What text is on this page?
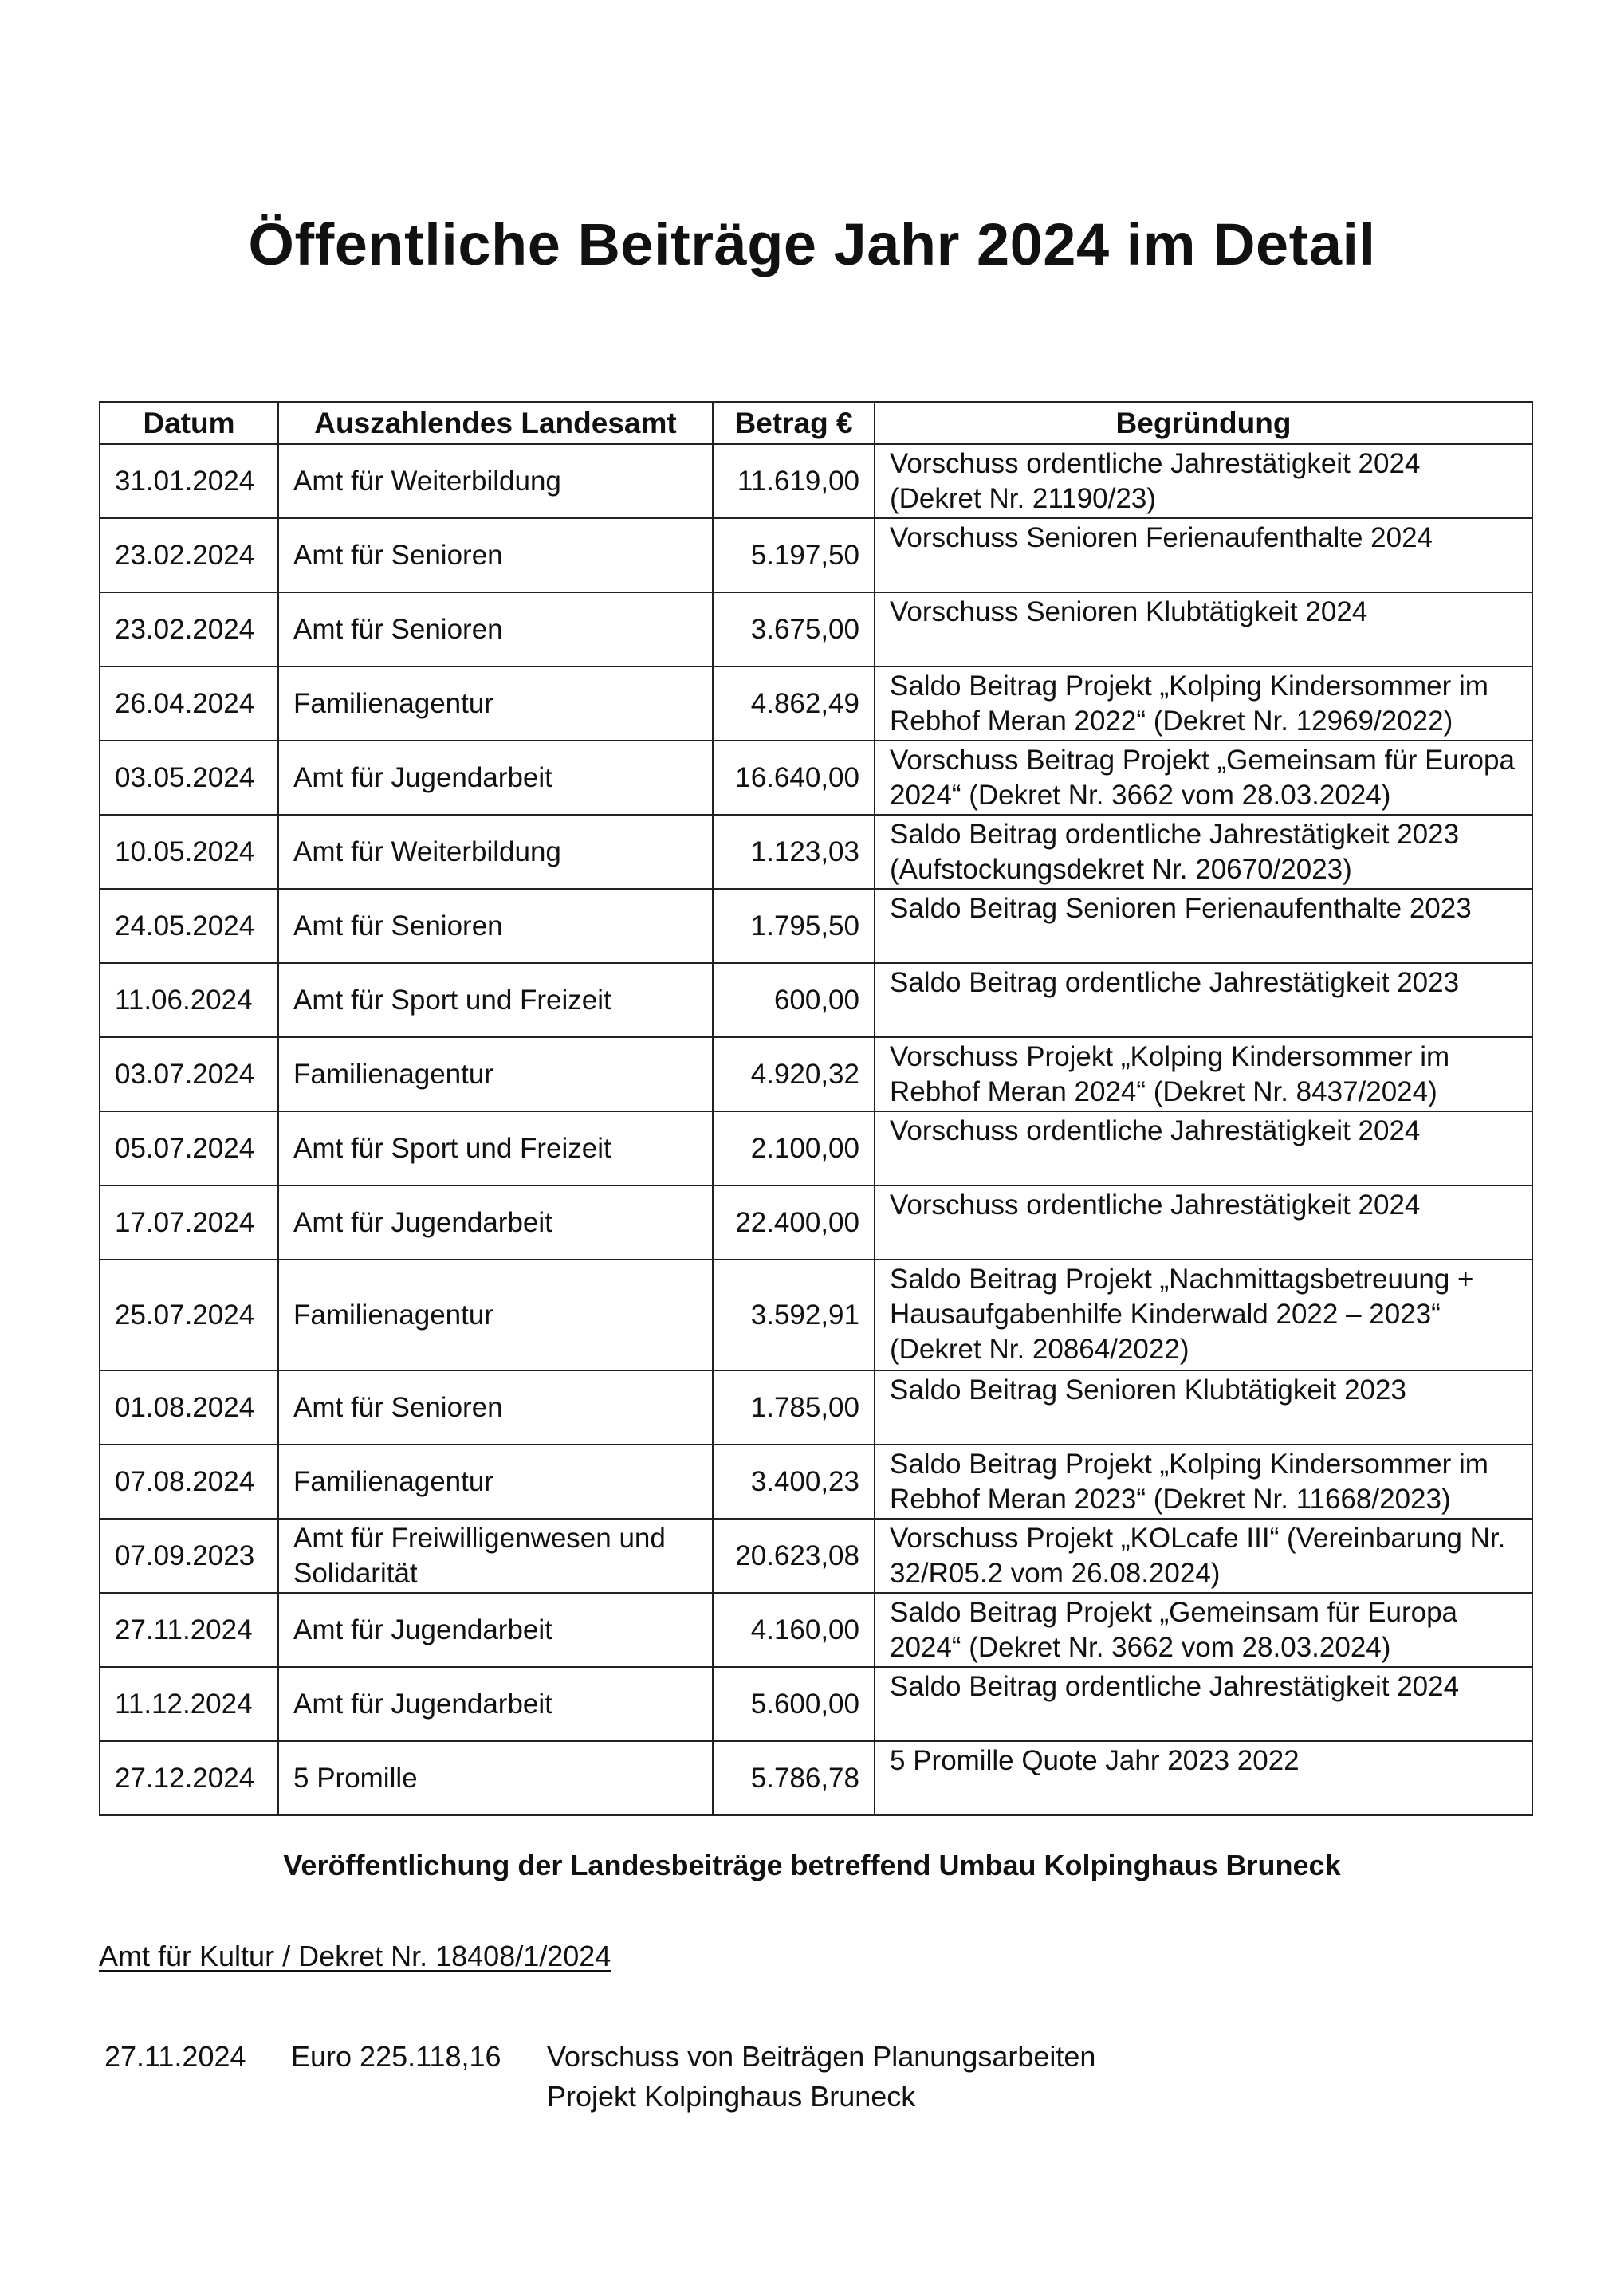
Öffentliche Beiträge Jahr 2024 im Detail
Datum	Auszahlendes Landesamt	Betrag €	Begründung
31.01.2024	Amt für Weiterbildung	11.619,00	Vorschuss ordentliche Jahrestätigkeit 2024 (Dekret Nr. 21190/23)
23.02.2024	Amt für Senioren	5.197,50	Vorschuss Senioren Ferienaufenthalte 2024
23.02.2024	Amt für Senioren	3.675,00	Vorschuss Senioren Klubtätigkeit 2024
26.04.2024	Familienagentur	4.862,49	Saldo Beitrag Projekt „Kolping Kindersommer im Rebhof Meran 2022“ (Dekret Nr. 12969/2022)
03.05.2024	Amt für Jugendarbeit	16.640,00	Vorschuss Beitrag Projekt „Gemeinsam für Europa 2024“ (Dekret Nr. 3662 vom 28.03.2024)
10.05.2024	Amt für Weiterbildung	1.123,03	Saldo Beitrag ordentliche Jahrestätigkeit 2023 (Aufstockungsdekret Nr. 20670/2023)
24.05.2024	Amt für Senioren	1.795,50	Saldo Beitrag Senioren Ferienaufenthalte 2023
11.06.2024	Amt für Sport und Freizeit	600,00	Saldo Beitrag ordentliche Jahrestätigkeit 2023
03.07.2024	Familienagentur	4.920,32	Vorschuss Projekt „Kolping Kindersommer im Rebhof Meran 2024“ (Dekret Nr. 8437/2024)
05.07.2024	Amt für Sport und Freizeit	2.100,00	Vorschuss ordentliche Jahrestätigkeit 2024
17.07.2024	Amt für Jugendarbeit	22.400,00	Vorschuss ordentliche Jahrestätigkeit 2024
25.07.2024	Familienagentur	3.592,91	Saldo Beitrag Projekt „Nachmittagsbetreuung + Hausaufgabenhilfe Kinderwald 2022 – 2023“ (Dekret Nr. 20864/2022)
01.08.2024	Amt für Senioren	1.785,00	Saldo Beitrag Senioren Klubtätigkeit 2023
07.08.2024	Familienagentur	3.400,23	Saldo Beitrag Projekt „Kolping Kindersommer im Rebhof Meran 2023“ (Dekret Nr. 11668/2023)
07.09.2023	Amt für Freiwilligenwesen und Solidarität	20.623,08	Vorschuss Projekt „KOLcafe III“ (Vereinbarung Nr. 32/R05.2 vom 26.08.2024)
27.11.2024	Amt für Jugendarbeit	4.160,00	Saldo Beitrag Projekt „Gemeinsam für Europa 2024“ (Dekret Nr. 3662 vom 28.03.2024)
11.12.2024	Amt für Jugendarbeit	5.600,00	Saldo Beitrag ordentliche Jahrestätigkeit 2024
27.12.2024	5 Promille	5.786,78	5 Promille Quote Jahr 2023 2022
Veröffentlichung der Landesbeiträge betreffend Umbau Kolpinghaus Bruneck
Amt für Kultur / Dekret Nr. 18408/1/2024
27.11.2024 Euro 225.118,16 Vorschuss von Beiträgen Planungsarbeiten
Projekt Kolpinghaus Bruneck
